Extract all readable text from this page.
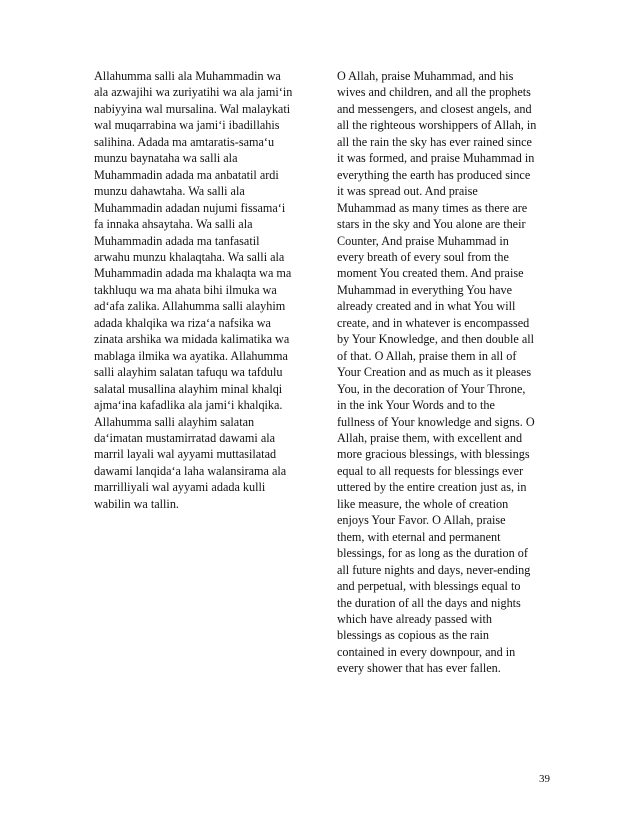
Allahumma salli ala Muhammadin wa
ala azwajihi wa zuriyatihi wa ala jami‘in
nabiyyina wal mursalina. Wal malaykati
wal muqarrabina wa jami‘i ibadillahis
salihina. Adada ma amtaratis-sama‘u
munzu baynataha wa salli ala
Muhammadin adada ma anbatatil ardi
munzu dahawtaha. Wa salli ala
Muhammadin adadan nujumi fissama‘i
fa innaka ahsaytaha. Wa salli ala
Muhammadin adada ma tanfasatil
arwahu munzu khalaqtaha. Wa salli ala
Muhammadin adada ma khalaqta wa ma
takhluqu wa ma ahata bihi ilmuka wa
ad‘afa zalika. Allahumma salli alayhim
adada khalqika wa riza‘a nafsika wa
zinata arshika wa midada kalimatika wa
mablaga ilmika wa ayatika. Allahumma
salli alayhim salatan tafuqu wa tafdulu
salatal musallina alayhim minal khalqi
ajma‘ina kafadlika ala jami‘i khalqika.
Allahumma salli alayhim salatan
da‘imatan mustamirratad dawami ala
marril layali wal ayyami muttasilatad
dawami lanqida‘a laha walansirama ala
marrilliyali wal ayyami adada kulli
wabilin wa tallin.
O Allah, praise Muhammad, and his
wives and children, and all the prophets
and messengers, and closest angels, and
all the righteous worshippers of Allah, in
all the rain the sky has ever rained since
it was formed, and praise Muhammad in
everything the earth has produced since
it was spread out. And praise
Muhammad as many times as there are
stars in the sky and You alone are their
Counter, And praise Muhammad in
every breath of every soul from the
moment You created them. And praise
Muhammad in everything You have
already created and in what You will
create, and in whatever is encompassed
by Your Knowledge, and then double all
of that. O Allah, praise them in all of
Your Creation and as much as it pleases
You, in the decoration of Your Throne,
in the ink Your Words and to the
fullness of Your knowledge and signs. O
Allah, praise them, with excellent and
more gracious blessings, with blessings
equal to all requests for blessings ever
uttered by the entire creation just as, in
like measure, the whole of creation
enjoys Your Favor. O Allah, praise
them, with eternal and permanent
blessings, for as long as the duration of
all future nights and days, never-ending
and perpetual, with blessings equal to
the duration of all the days and nights
which have already passed with
blessings as copious as the rain
contained in every downpour, and in
every shower that has ever fallen.
39
